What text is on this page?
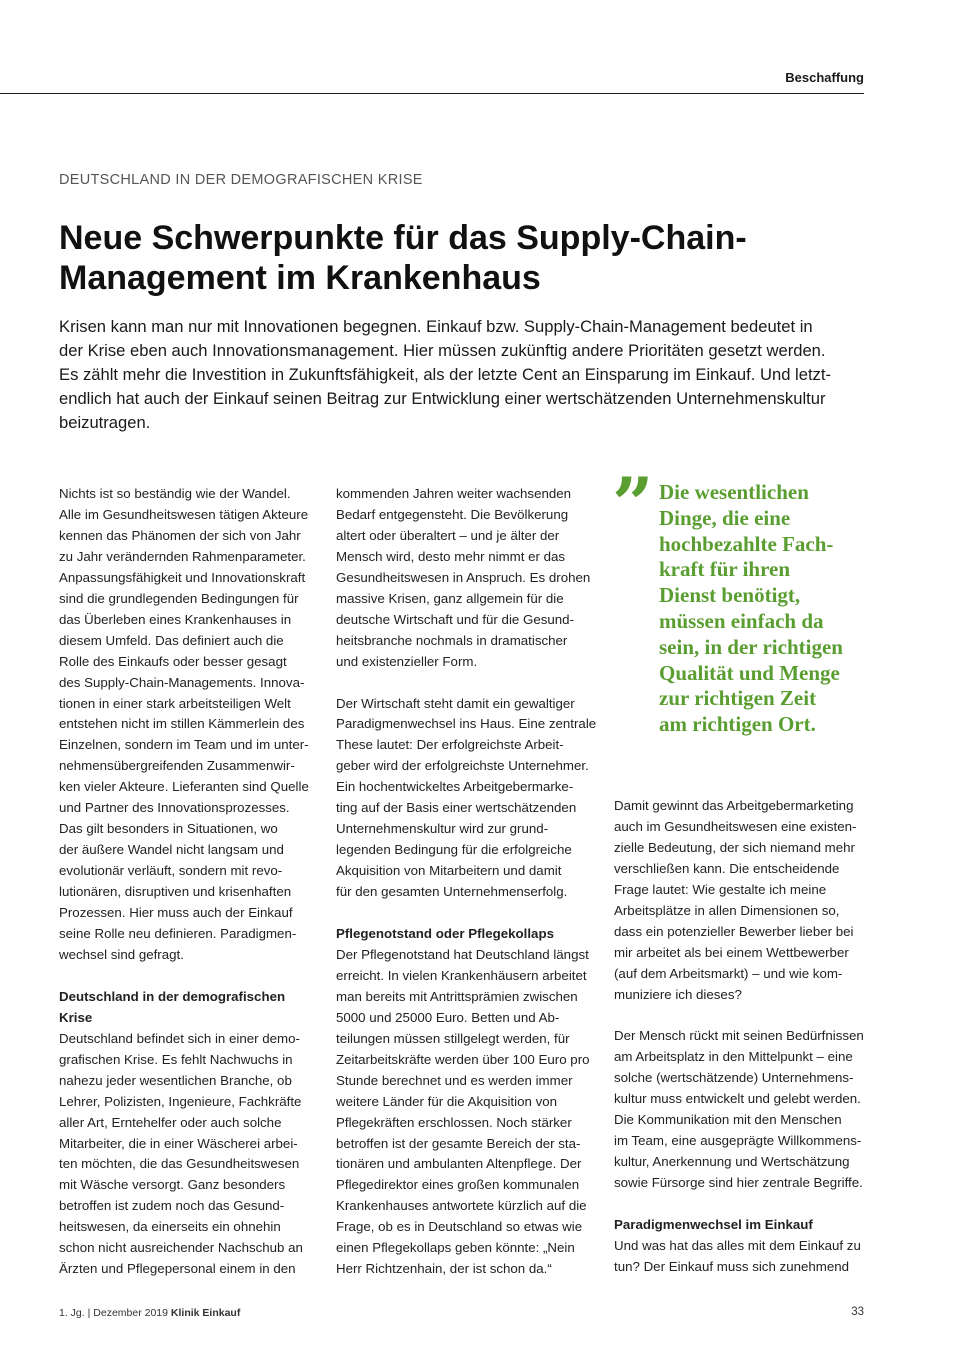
Beschaffung
DEUTSCHLAND IN DER DEMOGRAFISCHEN KRISE
Neue Schwerpunkte für das Supply-Chain-
Management im Krankenhaus
Krisen kann man nur mit Innovationen begegnen. Einkauf bzw. Supply-Chain-Management bedeutet in
der Krise eben auch Innovationsmanagement. Hier müssen zukünftig andere Prioritäten gesetzt werden.
Es zählt mehr die Investition in Zukunftsfähigkeit, als der letzte Cent an Einsparung im Einkauf. Und letzt-
endlich hat auch der Einkauf seinen Beitrag zur Entwicklung einer wertschätzenden Unternehmenskultur
beizutragen.
Nichts ist so beständig wie der Wandel.
Alle im Gesundheitswesen tätigen Akteure
kennen das Phänomen der sich von Jahr
zu Jahr verändernden Rahmenparameter.
Anpassungsfähigkeit und Innovationskraft
sind die grundlegenden Bedingungen für
das Überleben eines Krankenhauses in
diesem Umfeld. Das definiert auch die
Rolle des Einkaufs oder besser gesagt
des Supply-Chain-Managements. Innova-
tionen in einer stark arbeitsteiligen Welt
entstehen nicht im stillen Kämmerlein des
Einzelnen, sondern im Team und im unter-
nehmensübergreifenden Zusammenwir-
ken vieler Akteure. Lieferanten sind Quelle
und Partner des Innovationsprozesses.
Das gilt besonders in Situationen, wo
der äußere Wandel nicht langsam und
evolutionär verläuft, sondern mit revo-
lutionären, disruptiven und krisenhaften
Prozessen. Hier muss auch der Einkauf
seine Rolle neu definieren. Paradigmen-
wechsel sind gefragt.
Deutschland in der demografischen
Krise
Deutschland befindet sich in einer demo-
grafischen Krise. Es fehlt Nachwuchs in
nahezu jeder wesentlichen Branche, ob
Lehrer, Polizisten, Ingenieure, Fachkräfte
aller Art, Erntehelfer oder auch solche
Mitarbeiter, die in einer Wäscherei arbei-
ten möchten, die das Gesundheitswesen
mit Wäsche versorgt. Ganz besonders
betroffen ist zudem noch das Gesund-
heitswesen, da einerseits ein ohnehin
schon nicht ausreichender Nachschub an
Ärzten und Pflegepersonal einem in den
kommenden Jahren weiter wachsenden
Bedarf entgegensteht. Die Bevölkerung
altert oder überaltert – und je älter der
Mensch wird, desto mehr nimmt er das
Gesundheitswesen in Anspruch. Es drohen
massive Krisen, ganz allgemein für die
deutsche Wirtschaft und für die Gesund-
heitsbranche nochmals in dramatischer
und existenzieller Form.
Der Wirtschaft steht damit ein gewaltiger
Paradigmenwechsel ins Haus. Eine zentrale
These lautet: Der erfolgreichste Arbeit-
geber wird der erfolgreichste Unternehmer.
Ein hochentwickeltes Arbeitgebermarke-
ting auf der Basis einer wertschätzenden
Unternehmenskultur wird zur grund-
legenden Bedingung für die erfolgreiche
Akquisition von Mitarbeitern und damit
für den gesamten Unternehmenserfolg.
Pflegenotstand oder Pflegekollaps
Der Pflegenotstand hat Deutschland längst
erreicht. In vielen Krankenhäusern arbeitet
man bereits mit Antrittsprämien zwischen
5000 und 25000 Euro. Betten und Ab-
teilungen müssen stillgelegt werden, für
Zeitarbeitskräfte werden über 100 Euro pro
Stunde berechnet und es werden immer
weitere Länder für die Akquisition von
Pflegekräften erschlossen. Noch stärker
betroffen ist der gesamte Bereich der sta-
tionären und ambulanten Altenpflege. Der
Pflegedirektor eines großen kommunalen
Krankenhauses antwortete kürzlich auf die
Frage, ob es in Deutschland so etwas wie
einen Pflegekollaps geben könnte: „Nein
Herr Richtzenhain, der ist schon da.“
” Die wesentlichen
Dinge, die eine
hochbezahlte Fach-
kraft für ihren
Dienst benötigt,
müssen einfach da
sein, in der richtigen
Qualität und Menge
zur richtigen Zeit
am richtigen Ort.
Damit gewinnt das Arbeitgebermarketing
auch im Gesundheitswesen eine existen-
zielle Bedeutung, der sich niemand mehr
verschließen kann. Die entscheidende
Frage lautet: Wie gestalte ich meine
Arbeitsplätze in allen Dimensionen so,
dass ein potenzieller Bewerber lieber bei
mir arbeitet als bei einem Wettbewerber
(auf dem Arbeitsmarkt) – und wie kom-
muniziere ich dieses?
Der Mensch rückt mit seinen Bedürfnissen
am Arbeitsplatz in den Mittelpunkt – eine
solche (wertschätzende) Unternehmens-
kultur muss entwickelt und gelebt werden.
Die Kommunikation mit den Menschen
im Team, eine ausgeprägte Willkommens-
kultur, Anerkennung und Wertschätzung
sowie Fürsorge sind hier zentrale Begriffe.
Paradigmenwechsel im Einkauf
Und was hat das alles mit dem Einkauf zu
tun? Der Einkauf muss sich zunehmend
1. Jg. | Dezember 2019 Klinik Einkauf	33
